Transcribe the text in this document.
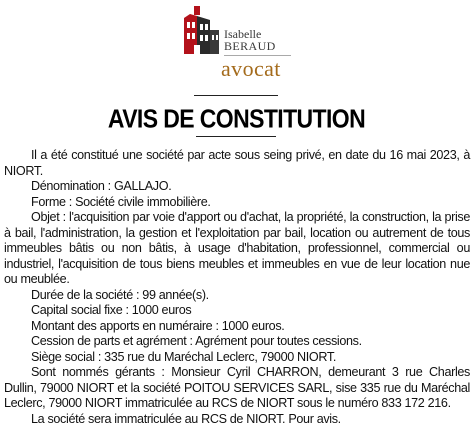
Isabelle
BERAUD
avocat
AVIS DE CONSTITUTION

Il a été constitué une société par acte sous seing privé, en date du 16 mai 2023, à NIORT.

Dénomination : GALLAJO.

Forme : Société civile immobilière.

Objet : l'acquisition par voie d'apport ou d'achat, la propriété, la construction, la prise à bail, l'administration, la gestion et l'exploitation par bail, location ou autrement de tous immeubles bâtis ou non bâtis, à usage d'habitation, professionnel, commercial ou industriel, l'acquisition de tous biens meubles et immeubles en vue de leur location nue ou meublée.

Durée de la société : 99 année(s).

Capital social fixe : 1000 euros

Montant des apports en numéraire : 1000 euros.

Cession de parts et agrément : Agrément pour toutes cessions.

Siège social : 335 rue du Maréchal Leclerc, 79000 NIORT.

Sont nommés gérants : Monsieur Cyril CHARRON, demeurant 3 rue Charles Dullin, 79000 NIORT et la société POITOU SERVICES SARL, sise 335 rue du Maréchal Leclerc, 79000 NIORT immatriculée au RCS de NIORT sous le numéro 833 172 216.

La société sera immatriculée au RCS de NIORT. Pour avis.
